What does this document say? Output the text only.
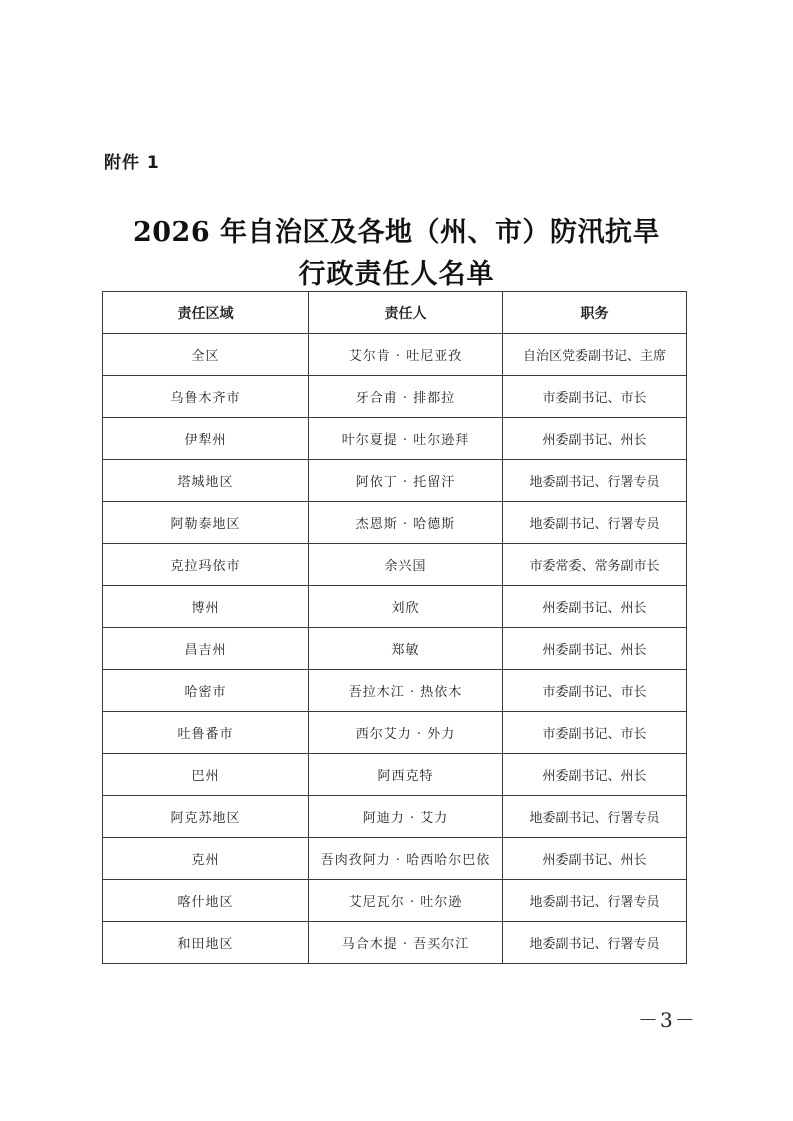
附件 1
2026 年自治区及各地（州、市）防汛抗旱
行政责任人名单
责任区域	责任人	职务
全区	艾尔肯 · 吐尼亚孜	自治区党委副书记、主席
乌鲁木齐市	牙合甫 · 排都拉	市委副书记、市长
伊犁州	叶尔夏提 · 吐尔逊拜	州委副书记、州长
塔城地区	阿依丁 · 托留汗	地委副书记、行署专员
阿勒泰地区	杰恩斯 · 哈德斯	地委副书记、行署专员
克拉玛依市	余兴国	市委常委、常务副市长
博州	刘欣	州委副书记、州长
昌吉州	郑敏	州委副书记、州长
哈密市	吾拉木江 · 热依木	市委副书记、市长
吐鲁番市	西尔艾力 · 外力	市委副书记、市长
巴州	阿西克特	州委副书记、州长
阿克苏地区	阿迪力 · 艾力	地委副书记、行署专员
克州	吾肉孜阿力 · 哈西哈尔巴依	州委副书记、州长
喀什地区	艾尼瓦尔 · 吐尔逊	地委副书记、行署专员
和田地区	马合木提 · 吾买尔江	地委副书记、行署专员
－3－
